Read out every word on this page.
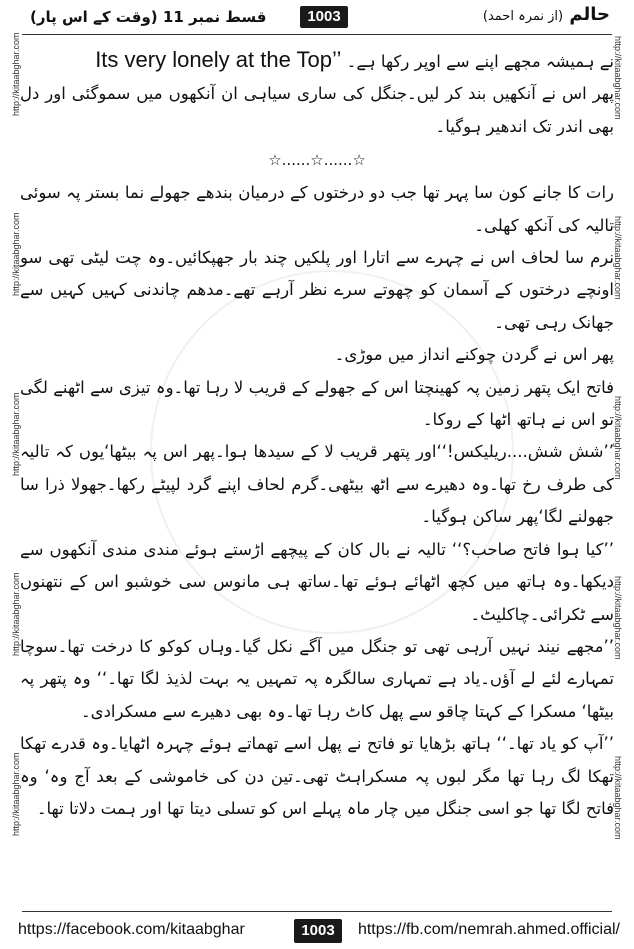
قسط نمبر 11 (وقت کے اس پار)	1003	حالم (از نمرہ احمد)
http://kitaabghar.com
http://kitaabghar.com
http://kitaabghar.com
http://kitaabghar.com
http://kitaabghar.com
http://kitaabghar.com
http://kitaabghar.com
http://kitaabghar.com
http://kitaabghar.com
http://kitaabghar.com

نے ہمیشہ مجھے اپنے سے اوپر رکھا ہے۔ Its very lonely at the Top’’

پھر اس نے آنکھیں بند کر لیں۔جنگل کی ساری سیاہی ان آنکھوں میں سموگئی اور دل بھی اندر تک اندھیر ہوگیا۔

☆......☆......☆

رات کا جانے کون سا پہر تھا جب دو درختوں کے درمیان بندھے جھولے نما بستر پہ سوئی تالیہ کی آنکھ کھلی۔

نرم سا لحاف اس نے چہرے سے اتارا اور پلکیں چند بار جھپکائیں۔وہ چت لیٹی تھی سو اونچے درختوں کے آسمان کو چھوتے سرے نظر آرہے تھے۔مدھم چاندنی کہیں کہیں سے جھانک رہی تھی۔

پھر اس نے گردن چوکنے انداز میں موڑی۔

فاتح ایک پتھر زمین پہ کھینچتا اس کے جھولے کے قریب لا رہا تھا۔وہ تیزی سے اٹھنے لگی تو اس نے ہاتھ اٹھا کے روکا۔

’’شش شش....ریلیکس!‘‘اور پتھر قریب لا کے سیدھا ہوا۔پھر اس پہ بیٹھا‘یوں کہ تالیہ کی طرف رخ تھا۔وہ دھیرے سے اٹھ بیٹھی۔گرم لحاف اپنے گرد لپیٹے رکھا۔جھولا ذرا سا جھولنے لگا‘پھر ساکن ہوگیا۔

’’کیا ہوا فاتح صاحب؟‘‘ تالیہ نے بال کان کے پیچھے اڑستے ہوئے مندی مندی آنکھوں سے دیکھا۔وہ ہاتھ میں کچھ اٹھائے ہوئے تھا۔ساتھ ہی مانوس سی خوشبو اس کے نتھنوں سے ٹکرائی۔چاکلیٹ۔

’’مجھے نیند نہیں آرہی تھی تو جنگل میں آگے نکل گیا۔وہاں کوکو کا درخت تھا۔سوچا تمہارے لئے لے آؤں۔یاد ہے تمہاری سالگرہ پہ تمہیں یہ بہت لذیذ لگا تھا۔‘‘ وہ پتھر پہ بیٹھا‘ مسکرا کے کہتا چاقو سے پھل کاٹ رہا تھا۔وہ بھی دھیرے سے مسکرادی۔

’’آپ کو یاد تھا۔‘‘ ہاتھ بڑھایا تو فاتح نے پھل اسے تھماتے ہوئے چہرہ اٹھایا۔وہ قدرے تھکا تھکا لگ رہا تھا مگر لبوں پہ مسکراہٹ تھی۔تین دن کی خاموشی کے بعد آج وہ‘ وہ فاتح لگا تھا جو اسی جنگل میں چار ماہ پہلے اس کو تسلی دیتا تھا اور ہمت دلاتا تھا۔

https://facebook.com/kitaabghar	1003	https://fb.com/nemrah.ahmed.official/
